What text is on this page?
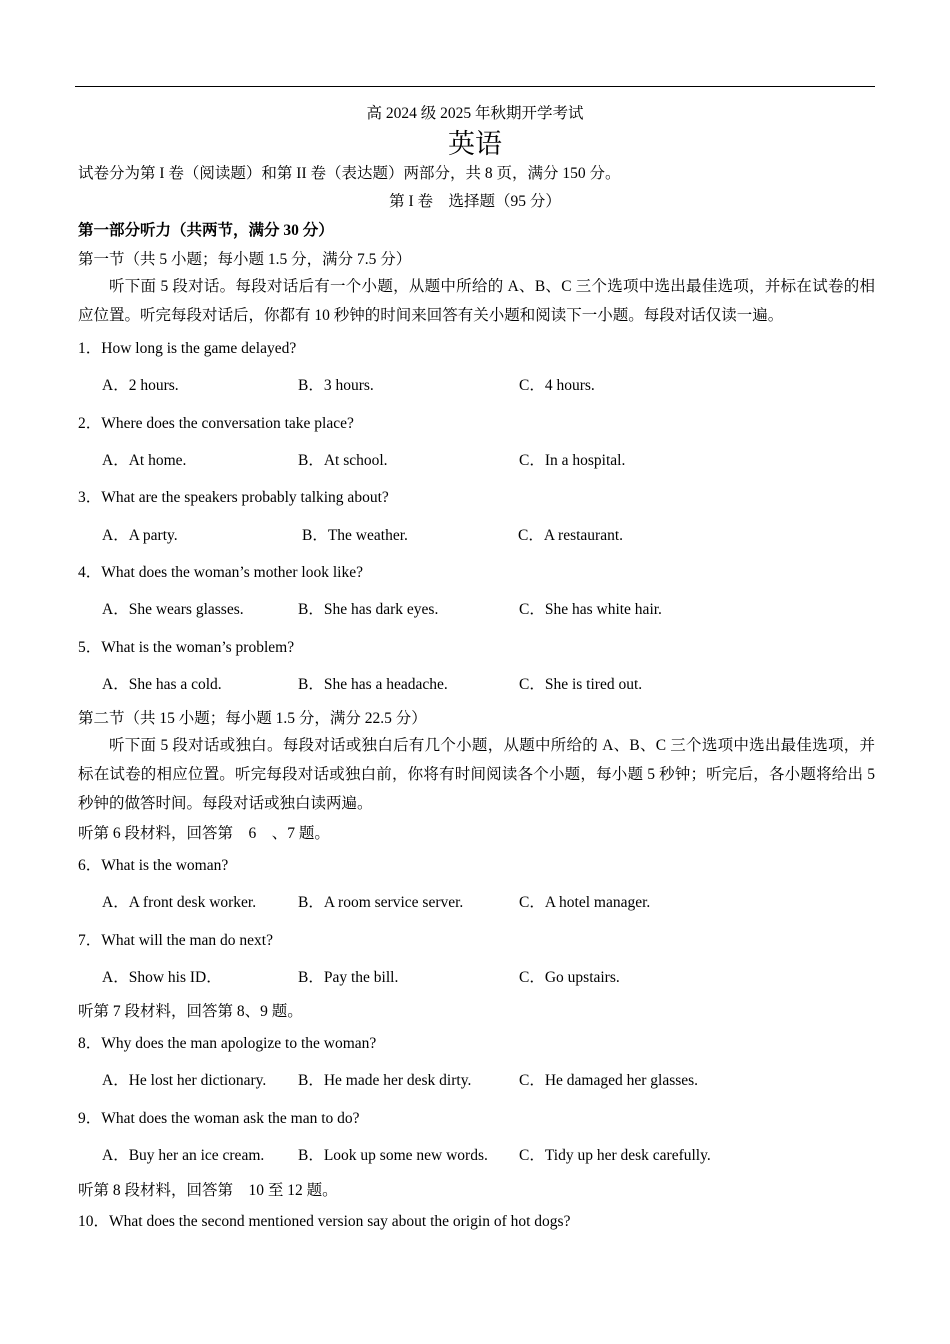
高 2024 级 2025 年秋期开学考试
英语
试卷分为第 I 卷（阅读题）和第 II 卷（表达题）两部分，共 8 页，满分 150 分。
第 I 卷　选择题（95 分）
第一部分听力（共两节，满分 30 分）
第一节（共 5 小题；每小题 1.5 分，满分 7.5 分）
听下面 5 段对话。每段对话后有一个小题，从题中所给的 A、B、C 三个选项中选出最佳选项，并标在试卷的相应位置。听完每段对话后，你都有 10 秒钟的时间来回答有关小题和阅读下一小题。每段对话仅读一遍。
1．How long is the game delayed?
A．2 hours.	B．3 hours.	C．4 hours.
2．Where does the conversation take place?
A．At home.	B．At school.	C．In a hospital.
3．What are the speakers probably talking about?
A．A party.	B．The weather.	C．A restaurant.
4．What does the woman’s mother look like?
A．She wears glasses.	B．She has dark eyes.	C．She has white hair.
5．What is the woman’s problem?
A．She has a cold.	B．She has a headache.	C．She is tired out.
第二节（共 15 小题；每小题 1.5 分，满分 22.5 分）
听下面 5 段对话或独白。每段对话或独白后有几个小题，从题中所给的 A、B、C 三个选项中选出最佳选项，并标在试卷的相应位置。听完每段对话或独白前，你将有时间阅读各个小题，每小题 5 秒钟；听完后，各小题将给出 5 秒钟的做答时间。每段对话或独白读两遍。
听第 6 段材料，回答第　6　、7 题。
6．What is the woman?
A．A front desk worker.	B．A room service server.	C．A hotel manager.
7．What will the man do next?
A．Show his ID．	B．Pay the bill.	C．Go upstairs.
听第 7 段材料，回答第 8、9 题。
8．Why does the man apologize to the woman?
A．He lost her dictionary. B．He made her desk dirty.	C．He damaged her glasses.
9．What does the woman ask the man to do?
A．Buy her an ice cream. B．Look up some new words. C．Tidy up her desk carefully.
听第 8 段材料，回答第　10 至 12 题。
10．What does the second mentioned version say about the origin of hot dogs?
